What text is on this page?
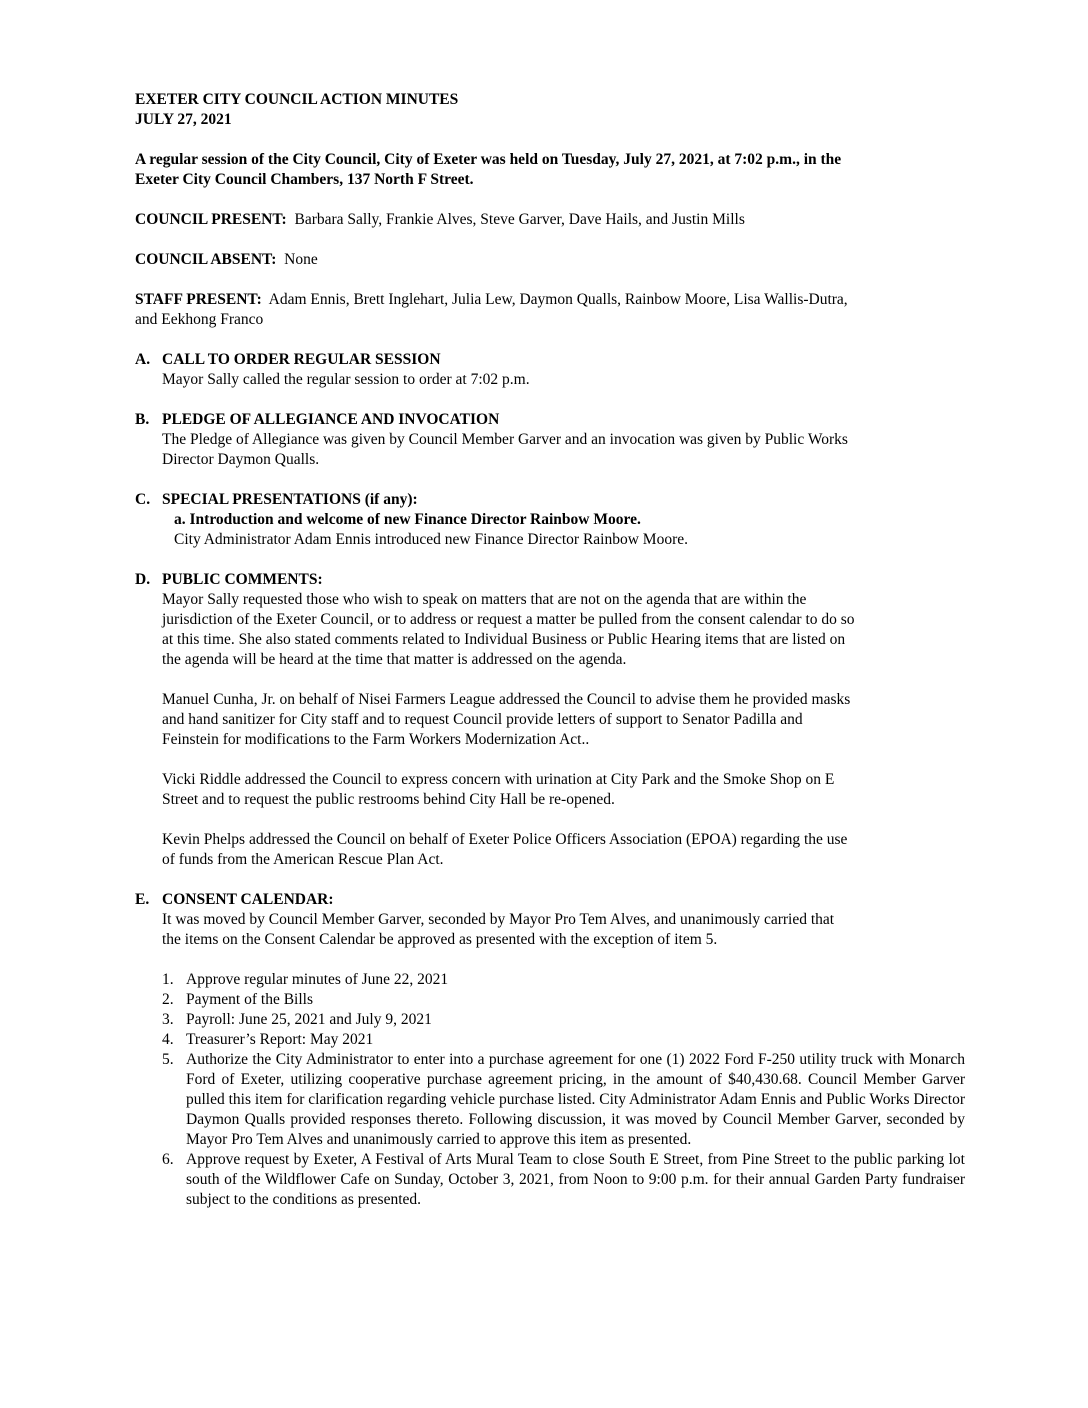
EXETER CITY COUNCIL ACTION MINUTES
JULY 27, 2021
A regular session of the City Council, City of Exeter was held on Tuesday, July 27, 2021, at 7:02 p.m., in the
Exeter City Council Chambers, 137 North F Street.
COUNCIL PRESENT: Barbara Sally, Frankie Alves, Steve Garver, Dave Hails, and Justin Mills
COUNCIL ABSENT: None
STAFF PRESENT: Adam Ennis, Brett Inglehart, Julia Lew, Daymon Qualls, Rainbow Moore, Lisa Wallis-Dutra,
and Eekhong Franco
A. CALL TO ORDER REGULAR SESSION
Mayor Sally called the regular session to order at 7:02 p.m.
B. PLEDGE OF ALLEGIANCE AND INVOCATION
The Pledge of Allegiance was given by Council Member Garver and an invocation was given by Public Works
Director Daymon Qualls.
C. SPECIAL PRESENTATIONS (if any):
a. Introduction and welcome of new Finance Director Rainbow Moore.
City Administrator Adam Ennis introduced new Finance Director Rainbow Moore.
D. PUBLIC COMMENTS:
Mayor Sally requested those who wish to speak on matters that are not on the agenda that are within the
jurisdiction of the Exeter Council, or to address or request a matter be pulled from the consent calendar to do so
at this time. She also stated comments related to Individual Business or Public Hearing items that are listed on
the agenda will be heard at the time that matter is addressed on the agenda.
Manuel Cunha, Jr. on behalf of Nisei Farmers League addressed the Council to advise them he provided masks
and hand sanitizer for City staff and to request Council provide letters of support to Senator Padilla and
Feinstein for modifications to the Farm Workers Modernization Act..
Vicki Riddle addressed the Council to express concern with urination at City Park and the Smoke Shop on E
Street and to request the public restrooms behind City Hall be re-opened.
Kevin Phelps addressed the Council on behalf of Exeter Police Officers Association (EPOA) regarding the use
of funds from the American Rescue Plan Act.
E. CONSENT CALENDAR:
It was moved by Council Member Garver, seconded by Mayor Pro Tem Alves, and unanimously carried that
the items on the Consent Calendar be approved as presented with the exception of item 5.
1. Approve regular minutes of June 22, 2021
2. Payment of the Bills
3. Payroll: June 25, 2021 and July 9, 2021
4. Treasurer’s Report: May 2021
5. Authorize the City Administrator to enter into a purchase agreement for one (1) 2022 Ford F-250 utility truck with Monarch Ford of Exeter, utilizing cooperative purchase agreement pricing, in the amount of $40,430.68. Council Member Garver pulled this item for clarification regarding vehicle purchase listed. City Administrator Adam Ennis and Public Works Director Daymon Qualls provided responses thereto. Following discussion, it was moved by Council Member Garver, seconded by Mayor Pro Tem Alves and unanimously carried to approve this item as presented.
6. Approve request by Exeter, A Festival of Arts Mural Team to close South E Street, from Pine Street to the public parking lot south of the Wildflower Cafe on Sunday, October 3, 2021, from Noon to 9:00 p.m. for their annual Garden Party fundraiser subject to the conditions as presented.
